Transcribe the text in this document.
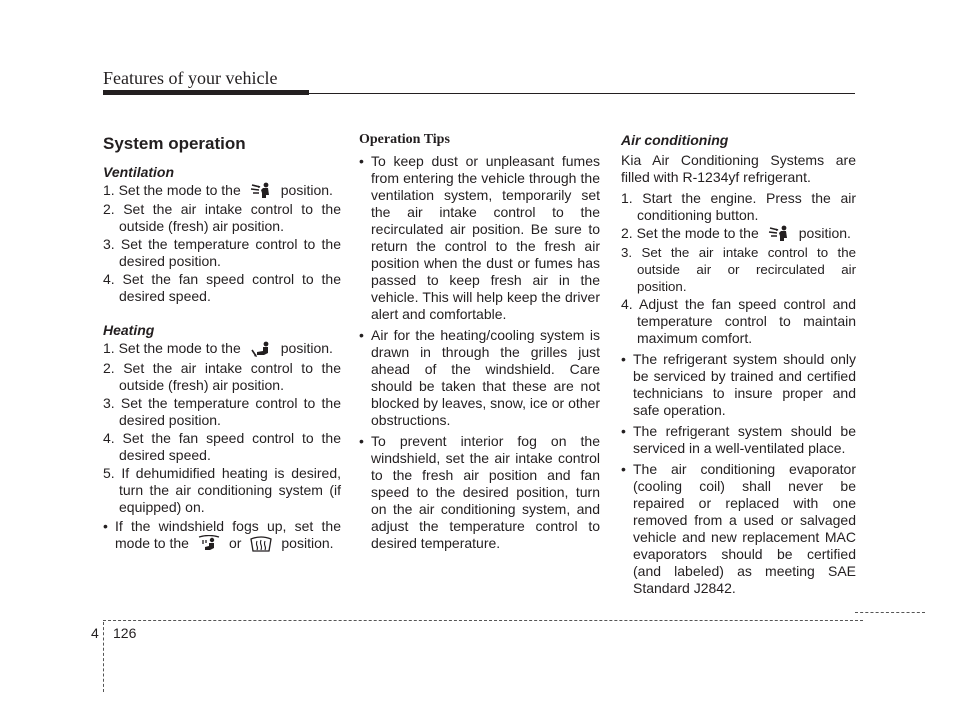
Features of your vehicle
System operation
Ventilation
1. Set the mode to the	position.
2. Set the air intake control to the outside (fresh) air position.
3. Set the temperature control to the desired position.
4. Set the fan speed control to the desired speed.
Heating
1. Set the mode to the	position.
2. Set the air intake control to the outside (fresh) air position.
3. Set the temperature control to the desired position.
4. Set the fan speed control to the desired speed.
5. If dehumidified heating is desired, turn the air conditioning system (if equipped) on.
• If the windshield fogs up, set the mode to the	or	position.
Operation Tips
• To keep dust or unpleasant fumes from entering the vehicle through the ventilation system, temporarily set the air intake control to the recirculated air position. Be sure to return the control to the fresh air position when the dust or fumes has passed to keep fresh air in the vehicle. This will help keep the driver alert and comfortable.
• Air for the heating/cooling system is drawn in through the grilles just ahead of the windshield. Care should be taken that these are not blocked by leaves, snow, ice or other obstructions.
• To prevent interior fog on the windshield, set the air intake control to the fresh air position and fan speed to the desired position, turn on the air conditioning system, and adjust the temperature control to desired temperature.
Air conditioning
Kia Air Conditioning Systems are filled with R-1234yf refrigerant.
1. Start the engine. Press the air conditioning button.
2. Set the mode to the	position.
3. Set the air intake control to the outside air or recirculated air position.
4. Adjust the fan speed control and temperature control to maintain maximum comfort.
• The refrigerant system should only be serviced by trained and certified technicians to insure proper and safe operation.
• The refrigerant system should be serviced in a well-ventilated place.
• The air conditioning evaporator (cooling coil) shall never be repaired or replaced with one removed from a used or salvaged vehicle and new replacement MAC evaporators should be certified (and labeled) as meeting SAE Standard J2842.
4 126
